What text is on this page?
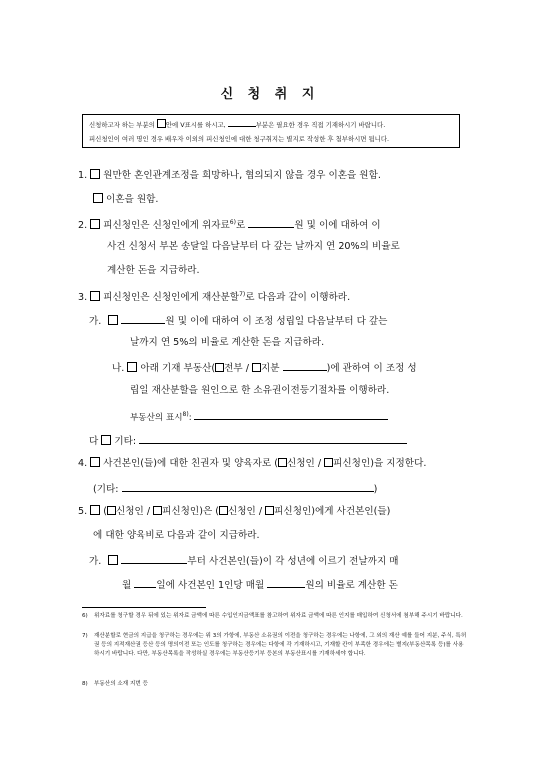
신 청 취 지
신청하고자 하는 부분의 안에 V표시를 하시고,	부분은 필요한 경우 직접 기재하시기 바랍니다.
피신청인이 여러 명인 경우 배우자 이외의 피신청인에 대한 청구취지는 별지로 작성한 후 첨부하시면 됩니다.
1. 원만한 혼인관계조정을 희망하나, 협의되지 않을 경우 이혼을 원함.
이혼을 원함.
2. 피신청인은 신청인에게 위자료$^{6)}$로	원 및 이에 대하여 이
사건 신청서 부본 송달일 다음날부터 다 갚는 날까지 연 20%의 비율로
계산한 돈을 지급하라.
3. 피신청인은 신청인에게 재산분할$^{7)}$로 다음과 같이 이행하라.
가.	원 및 이에 대하여 이 조정 성립일 다음날부터 다 갚는
날까지 연 5%의 비율로 계산한 돈을 지급하라.
나. 아래 기재 부동산( 전부 / 지분	)에 관하여 이 조정 성
립일 재산분할을 원인으로 한 소유권이전등기절차를 이행하라.
부동산의 표시$^{8)}$:
다 기타:
4. 사건본인(들)에 대한 친권자 및 양육자로 ( 신청인 / 피신청인)을 지정한다.
(기타:	)
5. ( 신청인 / 피신청인)은 ( 신청인 / 피신청인)에게 사건본인(들)
에 대한 양육비로 다음과 같이 지급하라.
가.	부터 사건본인(들)이 각 성년에 이르기 전날까지 매
월	일에 사건본인 1인당 매월	원의 비율로 계산한 돈
6) 위자료를 청구할 경우 뒤에 있는 위자료 금액에 따른 수입인지금액표를 참고하여 위자료 금액에 따른 인지를 매입하여 신청서에 첨부해 주시기 바랍니다.
7) 재산분할로 현금의 지급을 청구하는 경우에는 위 3의 가항에, 부동산 소유권의 이전을 청구하는 경우에는 나항에, 그 외의 재산 예를 들어 지분, 주식, 특허권 등의 지적재산권 등산 등의 명의이전 또는 인도를 청구하는 경우에는 다항에 각 기재하시고, 기재할 칸이 부족한 경우에는 별지(부동산목록 등)를 사용하시기 바랍니다. 다만, 부동산목록을 작성하실 경우에는 부동산등기부 등본의 부동산표시를 기재하세야 합니다.
8) 부동산의 소재 지번 등
